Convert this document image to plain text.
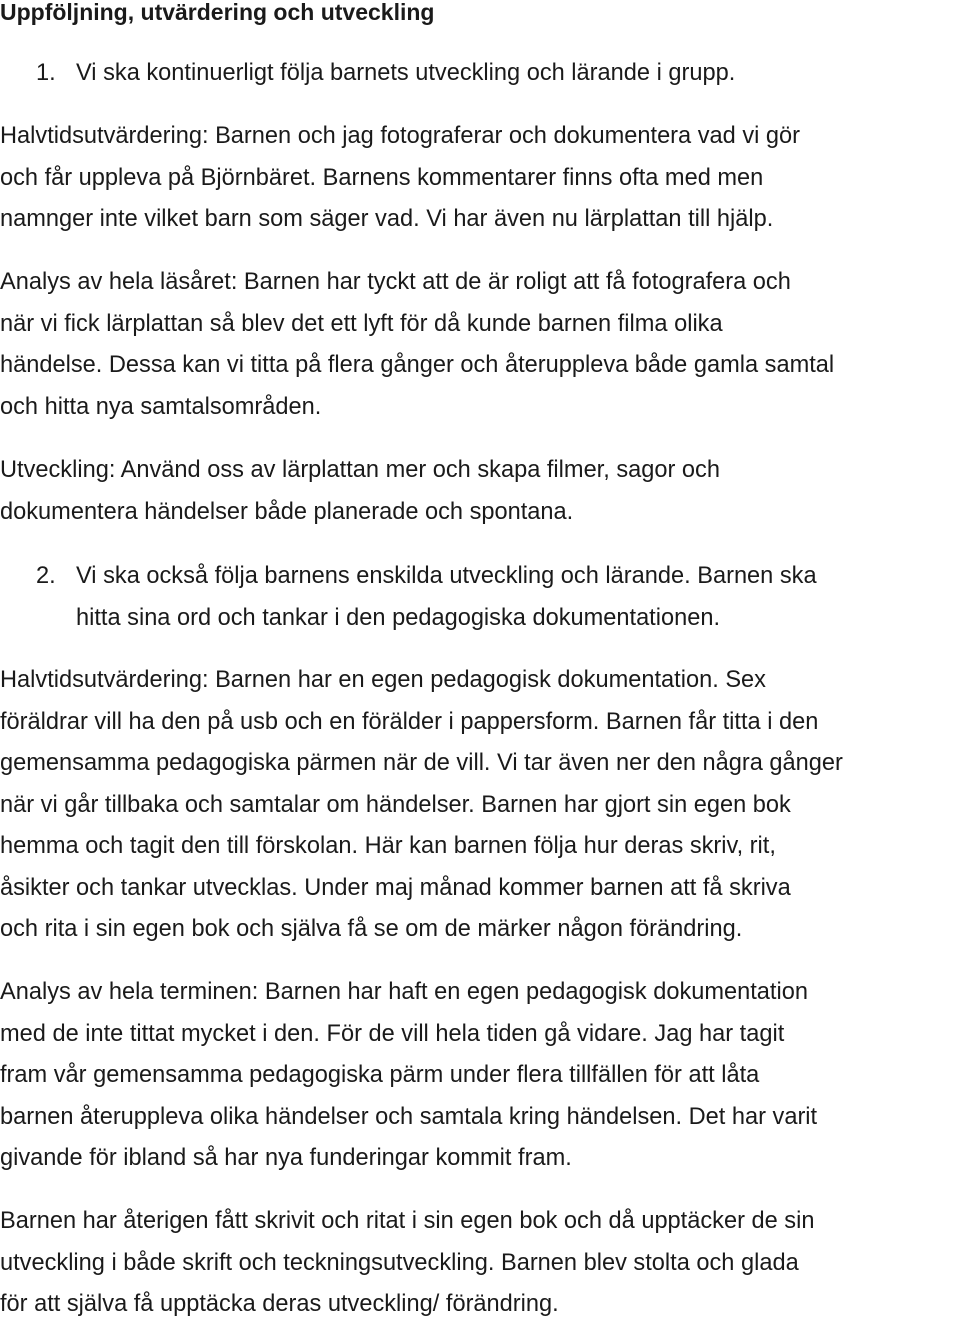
Uppföljning, utvärdering och utveckling
1. Vi ska kontinuerligt följa barnets utveckling och lärande i grupp.
Halvtidsutvärdering: Barnen och jag fotograferar och dokumentera vad vi gör
och får uppleva på Björnbäret. Barnens kommentarer finns ofta med men
namnger inte vilket barn som säger vad. Vi har även nu lärplattan till hjälp.
Analys av hela läsåret: Barnen har tyckt att de är roligt att få fotografera och
när vi fick lärplattan så blev det ett lyft för då kunde barnen filma olika
händelse. Dessa kan vi titta på flera gånger och återuppleva både gamla samtal
och hitta nya samtalsområden.
Utveckling: Använd oss av lärplattan mer och skapa filmer, sagor och
dokumentera händelser både planerade och spontana.
2. Vi ska också följa barnens enskilda utveckling och lärande. Barnen ska
hitta sina ord och tankar i den pedagogiska dokumentationen.
Halvtidsutvärdering: Barnen har en egen pedagogisk dokumentation. Sex
föräldrar vill ha den på usb och en förälder i pappersform. Barnen får titta i den
gemensamma pedagogiska pärmen när de vill. Vi tar även ner den några gånger
när vi går tillbaka och samtalar om händelser. Barnen har gjort sin egen bok
hemma och tagit den till förskolan. Här kan barnen följa hur deras skriv, rit,
åsikter och tankar utvecklas. Under maj månad kommer barnen att få skriva
och rita i sin egen bok och själva få se om de märker någon förändring.
Analys av hela terminen: Barnen har haft en egen pedagogisk dokumentation
med de inte tittat mycket i den. För de vill hela tiden gå vidare. Jag har tagit
fram vår gemensamma pedagogiska pärm under flera tillfällen för att låta
barnen återuppleva olika händelser och samtala kring händelsen. Det har varit
givande för ibland så har nya funderingar kommit fram.
Barnen har återigen fått skrivit och ritat i sin egen bok och då upptäcker de sin
utveckling i både skrift och teckningsutveckling. Barnen blev stolta och glada
för att själva få upptäcka deras utveckling/ förändring.
